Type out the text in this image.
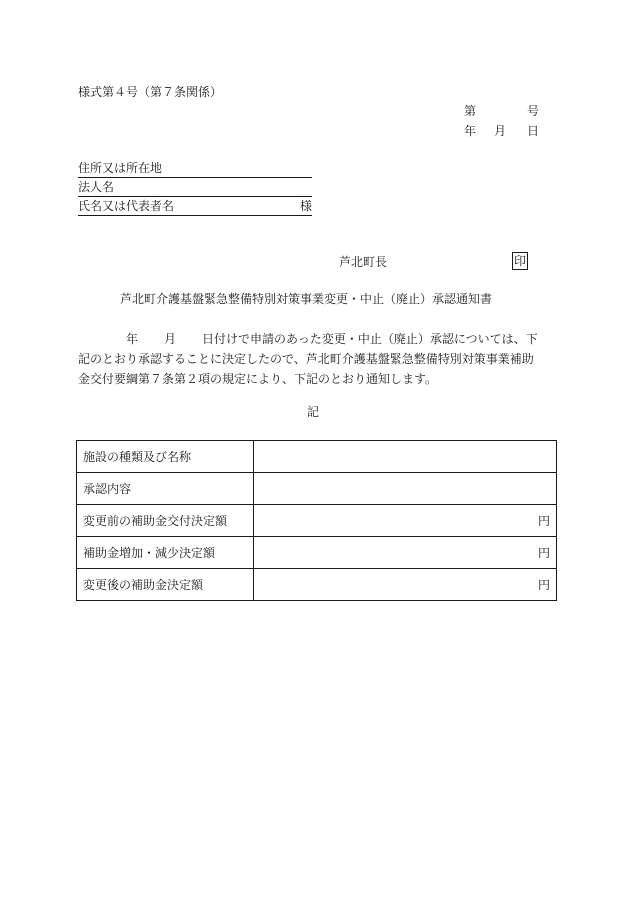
様式第４号（第７条関係）
第	号
年 月 日
住所又は所在地
法人名
氏名又は代表者名	様
芦北町長	印
芦北町介護基盤緊急整備特別対策事業変更・中止（廃止）承認通知書
年 月 日付けで申請のあった変更・中止（廃止）承認については、下
記のとおり承認することに決定したので、芦北町介護基盤緊急整備特別対策事業補助
金交付要綱第７条第２項の規定により、下記のとおり通知します。
記
施設の種類及び名称	
承認内容	
変更前の補助金交付決定額	円
補助金増加・減少決定額	円
変更後の補助金決定額	円
